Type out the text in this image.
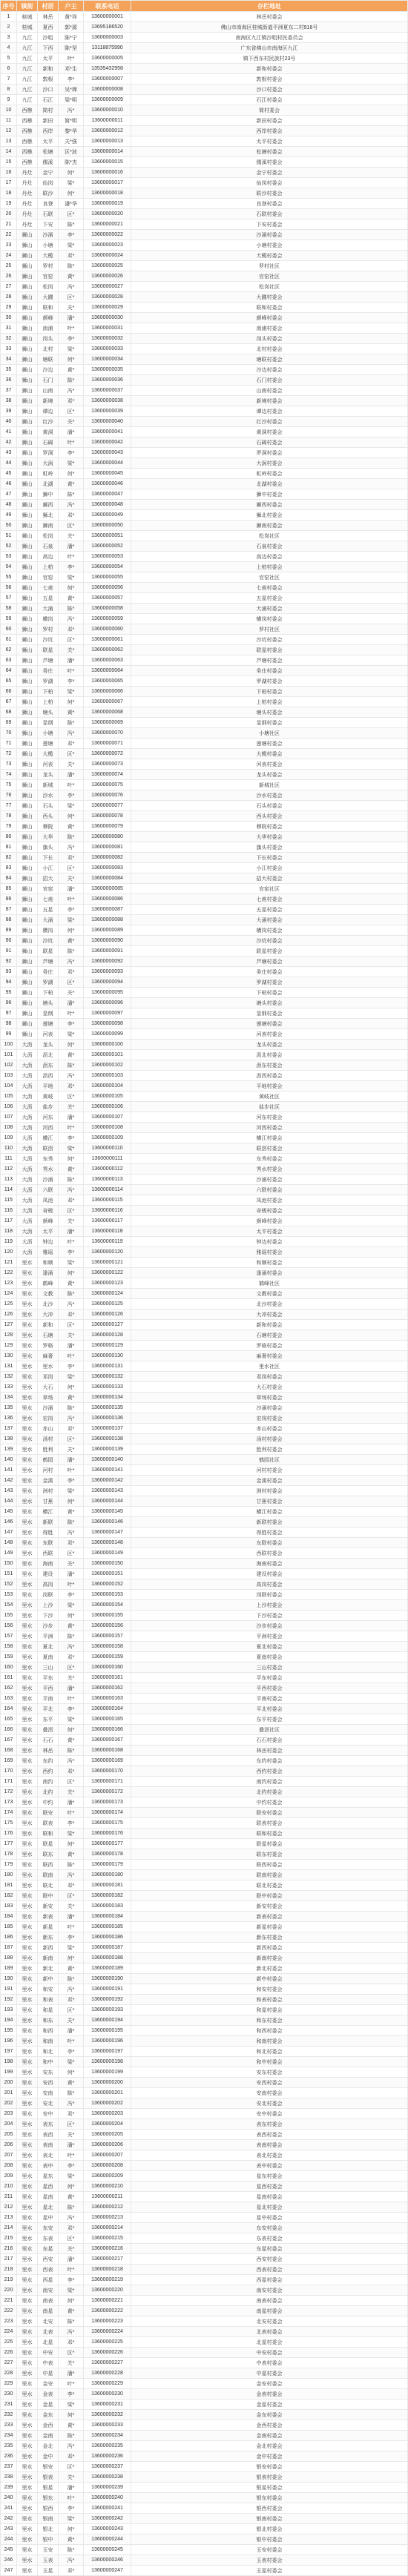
序号	镇街	村居	户主	联系电话	存栏地址
1	桂城	林岳	黄*祥	13600000001	林岳村委会
2	桂城	夏西	郭*源	13695186520	佛山市南海区桂城街道平洲夏东二村916号
3	九江	沙咀	陈*宁	13600000003	南海区九江镇沙咀村民委员会
4	九江	下西	陈*坚	13118875990	广东省佛山市南海区九江
5	九江	太平	叶*	13600000005	镇下西东村民族村23号
6	九江	新和	邓*生	13535432958	新和村委会
7	九江	敦根	李*	13600000007	敦根村委会
8	九江	沙口	吴*婵	13600000008	沙口村委会
9	九江	石江	梁*明	13600000009	石江村委会
10	西樵	简村	冯*	13600000010	简村委会
11	西樵	新田	简*明	13600000011	新田村委会
12	西樵	西岸	黎*华	13600000012	西岸村委会
13	西樵	太平	关*强	13600000013	太平村委会
14	西樵	松塘	区*波	13600000014	松塘村委会
15	西樵	儒溪	陈*杰	13600000015	儒溪村委会
16	丹灶	金宁	何*	13600000016	金宁村委会
17	丹灶	仙岗	梁*	13600000017	仙岗村委会
18	丹灶	联沙	何*	13600000018	联沙村委会
19	丹灶	良登	潘*华	13600000019	良登村委会
20	丹灶	石联	区*	13600000020	石联村委会
21	丹灶	下安	陈*	13600000021	下安村委会
22	狮山	沙涌	李*	13600000022	沙涌村委会
23	狮山	小塘	梁*	13600000023	小塘村委会
24	狮山	大榄	邓*	13600000024	大榄村委会
25	狮山	罗村	陈*	13600000025	罗村社区
26	狮山	官窑	黄*	13600000026	官窑社区
27	狮山	松岗	冯*	13600000027	松岗社区
28	狮山	大圃	区*	13600000028	大圃村委会
29	狮山	联和	关*	13600000029	联和村委会
30	狮山	颜峰	潘*	13600000030	颜峰村委会
31	狮山	南浦	叶*	13600000031	南浦村委会
32	狮山	岗头	李*	13600000032	岗头村委会
33	狮山	北村	梁*	13600000033	北村村委会
34	狮山	塘联	何*	13600000034	塘联村委会
35	狮山	沙边	黄*	13600000035	沙边村委会
36	狮山	石门	陈*	13600000036	石门村委会
37	狮山	山南	冯*	13600000037	山南村委会
38	狮山	新境	邓*	13600000038	新境村委会
39	狮山	谭边	区*	13600000039	谭边村委会
40	狮山	红沙	关*	13600000040	红沙村委会
41	狮山	黄洞	潘*	13600000041	黄洞村委会
42	狮山	石碣	叶*	13600000042	石碣村委会
43	狮山	罗洞	李*	13600000043	罗洞村委会
44	狮山	大涡	梁*	13600000044	大涡村委会
45	狮山	虹岭	何*	13600000045	虹岭村委会
46	狮山	北湖	黄*	13600000046	北湖村委会
47	狮山	狮中	陈*	13600000047	狮中村委会
48	狮山	狮西	冯*	13600000048	狮西村委会
49	狮山	狮北	邓*	13600000049	狮北村委会
50	狮山	狮南	区*	13600000050	狮南村委会
51	狮山	松岗	关*	13600000051	松岗社区
52	狮山	石泉	潘*	13600000052	石泉村委会
53	狮山	高边	叶*	13600000053	高边村委会
54	狮山	上柏	李*	13600000054	上柏村委会
55	狮山	官窑	梁*	13600000055	官窑社区
56	狮山	七甫	何*	13600000056	七甫村委会
57	狮山	五星	黄*	13600000057	五星村委会
58	狮山	大涌	陈*	13600000058	大涌村委会
59	狮山	横岗	冯*	13600000059	横岗村委会
60	狮山	罗村	邓*	13600000060	罗村社区
61	狮山	沙坑	区*	13600000061	沙坑村委会
62	狮山	联星	关*	13600000062	联星村委会
63	狮山	芦塘	潘*	13600000063	芦塘村委会
64	狮山	务庄	叶*	13600000064	务庄村委会
65	狮山	罗湖	李*	13600000065	罗湖村委会
66	狮山	下柏	梁*	13600000066	下柏村委会
67	狮山	上柏	何*	13600000067	上柏村委会
68	狮山	塘头	黄*	13600000068	塘头村委会
69	狮山	显纲	陈*	13600000069	显纲村委会
70	狮山	小塘	冯*	13600000070	小塘社区
71	狮山	莲塘	邓*	13600000071	莲塘村委会
72	狮山	大榄	区*	13600000072	大榄村委会
73	狮山	河表	关*	13600000073	河表村委会
74	狮山	龙头	潘*	13600000074	龙头村委会
75	狮山	新城	叶*	13600000075	新城社区
76	狮山	沙水	李*	13600000076	沙水村委会
77	狮山	石头	梁*	13600000077	石头村委会
78	狮山	西头	何*	13600000078	西头村委会
79	狮山	穆院	黄*	13600000079	穆院村委会
80	狮山	大华	陈*	13600000080	大华村委会
81	狮山	旗头	冯*	13600000081	旗头村委会
82	狮山	下长	邓*	13600000082	下长村委会
83	狮山	小江	区*	13600000083	小江村委会
84	狮山	招大	关*	13600000084	招大村委会
85	狮山	官窑	潘*	13600000085	官窑社区
86	狮山	七甫	叶*	13600000086	七甫村委会
87	狮山	五星	李*	13600000087	五星村委会
88	狮山	大涌	梁*	13600000088	大涌村委会
89	狮山	横岗	何*	13600000089	横岗村委会
90	狮山	沙坑	黄*	13600000090	沙坑村委会
91	狮山	联星	陈*	13600000091	联星村委会
92	狮山	芦塘	冯*	13600000092	芦塘村委会
93	狮山	务庄	邓*	13600000093	务庄村委会
94	狮山	罗湖	区*	13600000094	罗湖村委会
95	狮山	下柏	关*	13600000095	下柏村委会
96	狮山	塘头	潘*	13600000096	塘头村委会
97	狮山	显纲	叶*	13600000097	显纲村委会
98	狮山	莲塘	李*	13600000098	莲塘村委会
99	狮山	河表	梁*	13600000099	河表村委会
100	大沥	龙头	何*	13600000100	龙头村委会
101	大沥	沥北	黄*	13600000101	沥北村委会
102	大沥	沥东	陈*	13600000102	沥东村委会
103	大沥	沥西	冯*	13600000103	沥西村委会
104	大沥	平地	邓*	13600000104	平地村委会
105	大沥	黄岐	区*	13600000105	黄岐社区
106	大沥	盐步	关*	13600000106	盐步社区
107	大沥	河东	潘*	13600000107	河东村委会
108	大沥	河西	叶*	13600000108	河西村委会
109	大沥	横江	李*	13600000109	横江村委会
110	大沥	联滘	梁*	13600000110	联滘村委会
111	大沥	东秀	何*	13600000111	东秀村委会
112	大沥	秀水	黄*	13600000112	秀水村委会
113	大沥	沙涌	陈*	13600000113	沙涌村委会
114	大沥	六联	冯*	13600000114	六联村委会
115	大沥	凤池	邓*	13600000115	凤池村委会
116	大沥	奇槎	区*	13600000116	奇槎村委会
117	大沥	颜峰	关*	13600000117	颜峰村委会
118	大沥	太平	潘*	13600000118	太平村委会
119	大沥	钟边	叶*	13600000119	钟边村委会
120	大沥	雅瑶	李*	13600000120	雅瑶村委会
121	里水	和顺	梁*	13600000121	和顺村委会
122	里水	逢涌	何*	13600000122	逢涌村委会
123	里水	鹤峰	黄*	13600000123	鹤峰社区
124	里水	文教	陈*	13600000124	文教村委会
125	里水	北沙	冯*	13600000125	北沙村委会
126	里水	大冲	邓*	13600000126	大冲村委会
127	里水	新和	区*	13600000127	新和村委会
128	里水	石塘	关*	13600000128	石塘村委会
129	里水	罗格	潘*	13600000129	罗格村委会
130	里水	麻奢	叶*	13600000130	麻奢村委会
131	里水	里水	李*	13600000131	里水社区
132	里水	邓岗	梁*	13600000132	邓岗村委会
133	里水	大石	何*	13600000133	大石村委会
134	里水	草场	黄*	13600000134	草场村委会
135	里水	沙涌	陈*	13600000135	沙涌村委会
136	里水	宏岗	冯*	13600000136	宏岗村委会
137	里水	赤山	邓*	13600000137	赤山村委会
138	里水	汤村	区*	13600000138	汤村村委会
139	里水	胜利	关*	13600000139	胜利村委会
140	里水	鹤园	潘*	13600000140	鹤园社区
141	里水	河村	叶*	13600000141	河村村委会
142	里水	金溪	李*	13600000142	金溪村委会
143	里水	洲村	梁*	13600000143	洲村村委会
144	里水	甘蕉	何*	13600000144	甘蕉村委会
145	里水	横江	黄*	13600000145	横江村委会
146	里水	新联	陈*	13600000146	新联村委会
147	里水	得胜	冯*	13600000147	得胜村委会
148	里水	东联	邓*	13600000148	东联村委会
149	里水	西联	区*	13600000149	西联村委会
150	里水	海南	关*	13600000150	海南村委会
151	里水	建设	潘*	13600000151	建设村委会
152	里水	高岗	叶*	13600000152	高岗村委会
153	里水	岗联	李*	13600000153	岗联村委会
154	里水	上沙	梁*	13600000154	上沙村委会
155	里水	下沙	何*	13600000155	下沙村委会
156	里水	沙步	黄*	13600000156	沙步村委会
157	里水	平洲	陈*	13600000157	平洲村委会
158	里水	夏北	冯*	13600000158	夏北村委会
159	里水	夏南	邓*	13600000159	夏南村委会
160	里水	三山	区*	13600000160	三山村委会
161	里水	平东	关*	13600000161	平东村委会
162	里水	平西	潘*	13600000162	平西村委会
163	里水	平南	叶*	13600000163	平南村委会
164	里水	平北	李*	13600000164	平北村委会
165	里水	东平	梁*	13600000165	东平村委会
166	里水	叠滘	何*	13600000166	叠滘社区
167	里水	石石	黄*	13600000167	石石村委会
168	里水	林岳	陈*	13600000168	林岳村委会
169	里水	东约	冯*	13600000169	东约村委会
170	里水	西约	邓*	13600000170	西约村委会
171	里水	南约	区*	13600000171	南约村委会
172	里水	北约	关*	13600000172	北约村委会
173	里水	中约	潘*	13600000173	中约村委会
174	里水	联安	叶*	13600000174	联安村委会
175	里水	联表	李*	13600000175	联表村委会
176	里水	联和	梁*	13600000176	联和村委会
177	里水	联星	何*	13600000177	联星村委会
178	里水	联东	黄*	13600000178	联东村委会
179	里水	联西	陈*	13600000179	联西村委会
180	里水	联南	冯*	13600000180	联南村委会
181	里水	联北	邓*	13600000181	联北村委会
182	里水	联中	区*	13600000182	联中村委会
183	里水	新安	关*	13600000183	新安村委会
184	里水	新表	潘*	13600000184	新表村委会
185	里水	新星	叶*	13600000185	新星村委会
186	里水	新东	李*	13600000186	新东村委会
187	里水	新西	梁*	13600000187	新西村委会
188	里水	新南	何*	13600000188	新南村委会
189	里水	新北	黄*	13600000189	新北村委会
190	里水	新中	陈*	13600000190	新中村委会
191	里水	和安	冯*	13600000191	和安村委会
192	里水	和表	邓*	13600000192	和表村委会
193	里水	和星	区*	13600000193	和星村委会
194	里水	和东	关*	13600000194	和东村委会
195	里水	和西	潘*	13600000195	和西村委会
196	里水	和南	叶*	13600000196	和南村委会
197	里水	和北	李*	13600000197	和北村委会
198	里水	和中	梁*	13600000198	和中村委会
199	里水	安东	何*	13600000199	安东村委会
200	里水	安西	黄*	13600000200	安西村委会
201	里水	安南	陈*	13600000201	安南村委会
202	里水	安北	冯*	13600000202	安北村委会
203	里水	安中	邓*	13600000203	安中村委会
204	里水	表东	区*	13600000204	表东村委会
205	里水	表西	关*	13600000205	表西村委会
206	里水	表南	潘*	13600000206	表南村委会
207	里水	表北	叶*	13600000207	表北村委会
208	里水	表中	李*	13600000208	表中村委会
209	里水	星东	梁*	13600000209	星东村委会
210	里水	星西	何*	13600000210	星西村委会
211	里水	星南	黄*	13600000211	星南村委会
212	里水	星北	陈*	13600000212	星北村委会
213	里水	星中	冯*	13600000213	星中村委会
214	里水	东安	邓*	13600000214	东安村委会
215	里水	东表	区*	13600000215	东表村委会
216	里水	东星	关*	13600000216	东星村委会
217	里水	西安	潘*	13600000217	西安村委会
218	里水	西表	叶*	13600000218	西表村委会
219	里水	西星	李*	13600000219	西星村委会
220	里水	南安	梁*	13600000220	南安村委会
221	里水	南表	何*	13600000221	南表村委会
222	里水	南星	黄*	13600000222	南星村委会
223	里水	北安	陈*	13600000223	北安村委会
224	里水	北表	冯*	13600000224	北表村委会
225	里水	北星	邓*	13600000225	北星村委会
226	里水	中安	区*	13600000226	中安村委会
227	里水	中表	关*	13600000227	中表村委会
228	里水	中星	潘*	13600000228	中星村委会
229	里水	金安	叶*	13600000229	金安村委会
230	里水	金表	李*	13600000230	金表村委会
231	里水	金星	梁*	13600000231	金星村委会
232	里水	金东	何*	13600000232	金东村委会
233	里水	金西	黄*	13600000233	金西村委会
234	里水	金南	陈*	13600000234	金南村委会
235	里水	金北	冯*	13600000235	金北村委会
236	里水	金中	邓*	13600000236	金中村委会
237	里水	银安	区*	13600000237	银安村委会
238	里水	银表	关*	13600000238	银表村委会
239	里水	银星	潘*	13600000239	银星村委会
240	里水	银东	叶*	13600000240	银东村委会
241	里水	银西	李*	13600000241	银西村委会
242	里水	银南	梁*	13600000242	银南村委会
243	里水	银北	何*	13600000243	银北村委会
244	里水	银中	黄*	13600000244	银中村委会
245	里水	玉安	陈*	13600000245	玉安村委会
246	里水	玉表	冯*	13600000246	玉表村委会
247	里水	玉星	邓*	13600000247	玉星村委会
